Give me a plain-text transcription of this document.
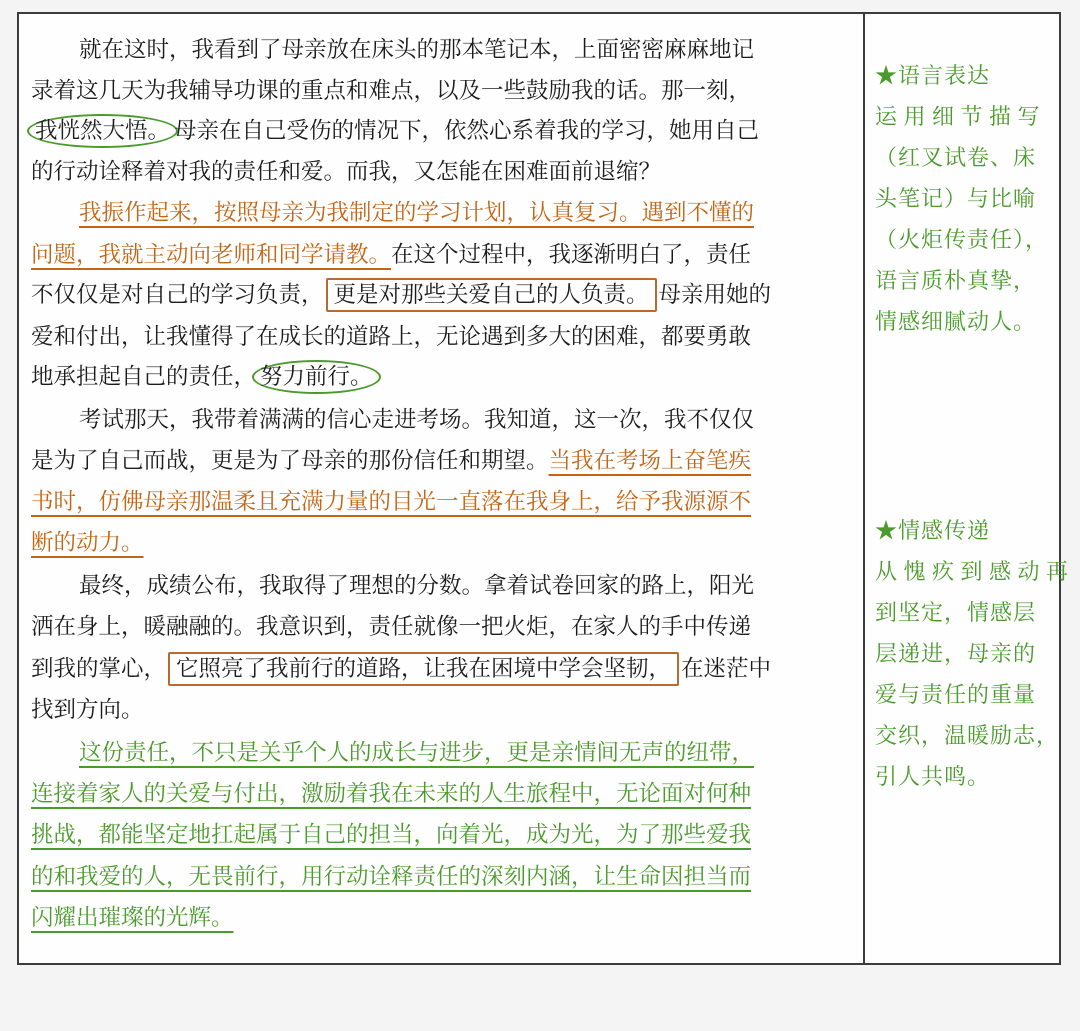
就在这时，我看到了母亲放在床头的那本笔记本，上面密密麻麻地记
录着这几天为我辅导功课的重点和难点，以及一些鼓励我的话。那一刻，
我恍然大悟。 母亲在自己受伤的情况下，依然心系着我的学习，她用自己
的行动诠释着对我的责任和爱。而我，又怎能在困难面前退缩？
我振作起来，按照母亲为我制定的学习计划，认真复习。遇到不懂的
问题，我就主动向老师和同学请教。在这个过程中，我逐渐明白了，责任
不仅仅是对自己的学习负责， 更是对那些关爱自己的人负责。 母亲用她的
爱和付出，让我懂得了在成长的道路上，无论遇到多大的困难，都要勇敢
地承担起自己的责任， 努力前行。
考试那天，我带着满满的信心走进考场。我知道，这一次，我不仅仅
是为了自己而战，更是为了母亲的那份信任和期望。当我在考场上奋笔疾
书时，仿佛母亲那温柔且充满力量的目光一直落在我身上，给予我源源不
断的动力。
最终，成绩公布，我取得了理想的分数。拿着试卷回家的路上，阳光
洒在身上，暖融融的。我意识到，责任就像一把火炬，在家人的手中传递
到我的掌心， 它照亮了我前行的道路，让我在困境中学会坚韧， 在迷茫中
找到方向。
这份责任，不只是关乎个人的成长与进步，更是亲情间无声的纽带，
连接着家人的关爱与付出，激励着我在未来的人生旅程中，无论面对何种
挑战，都能坚定地扛起属于自己的担当，向着光，成为光，为了那些爱我
的和我爱的人，无畏前行，用行动诠释责任的深刻内涵，让生命因担当而
闪耀出璀璨的光辉。
★语言表达
运用细节描写
（红叉试卷、床
头笔记）与比喻
（火炬传责任），
语言质朴真挚，
情感细腻动人。
★情感传递
从愧疚到感动再
到坚定，情感层
层递进，母亲的
爱与责任的重量
交织，温暖励志，
引人共鸣。
